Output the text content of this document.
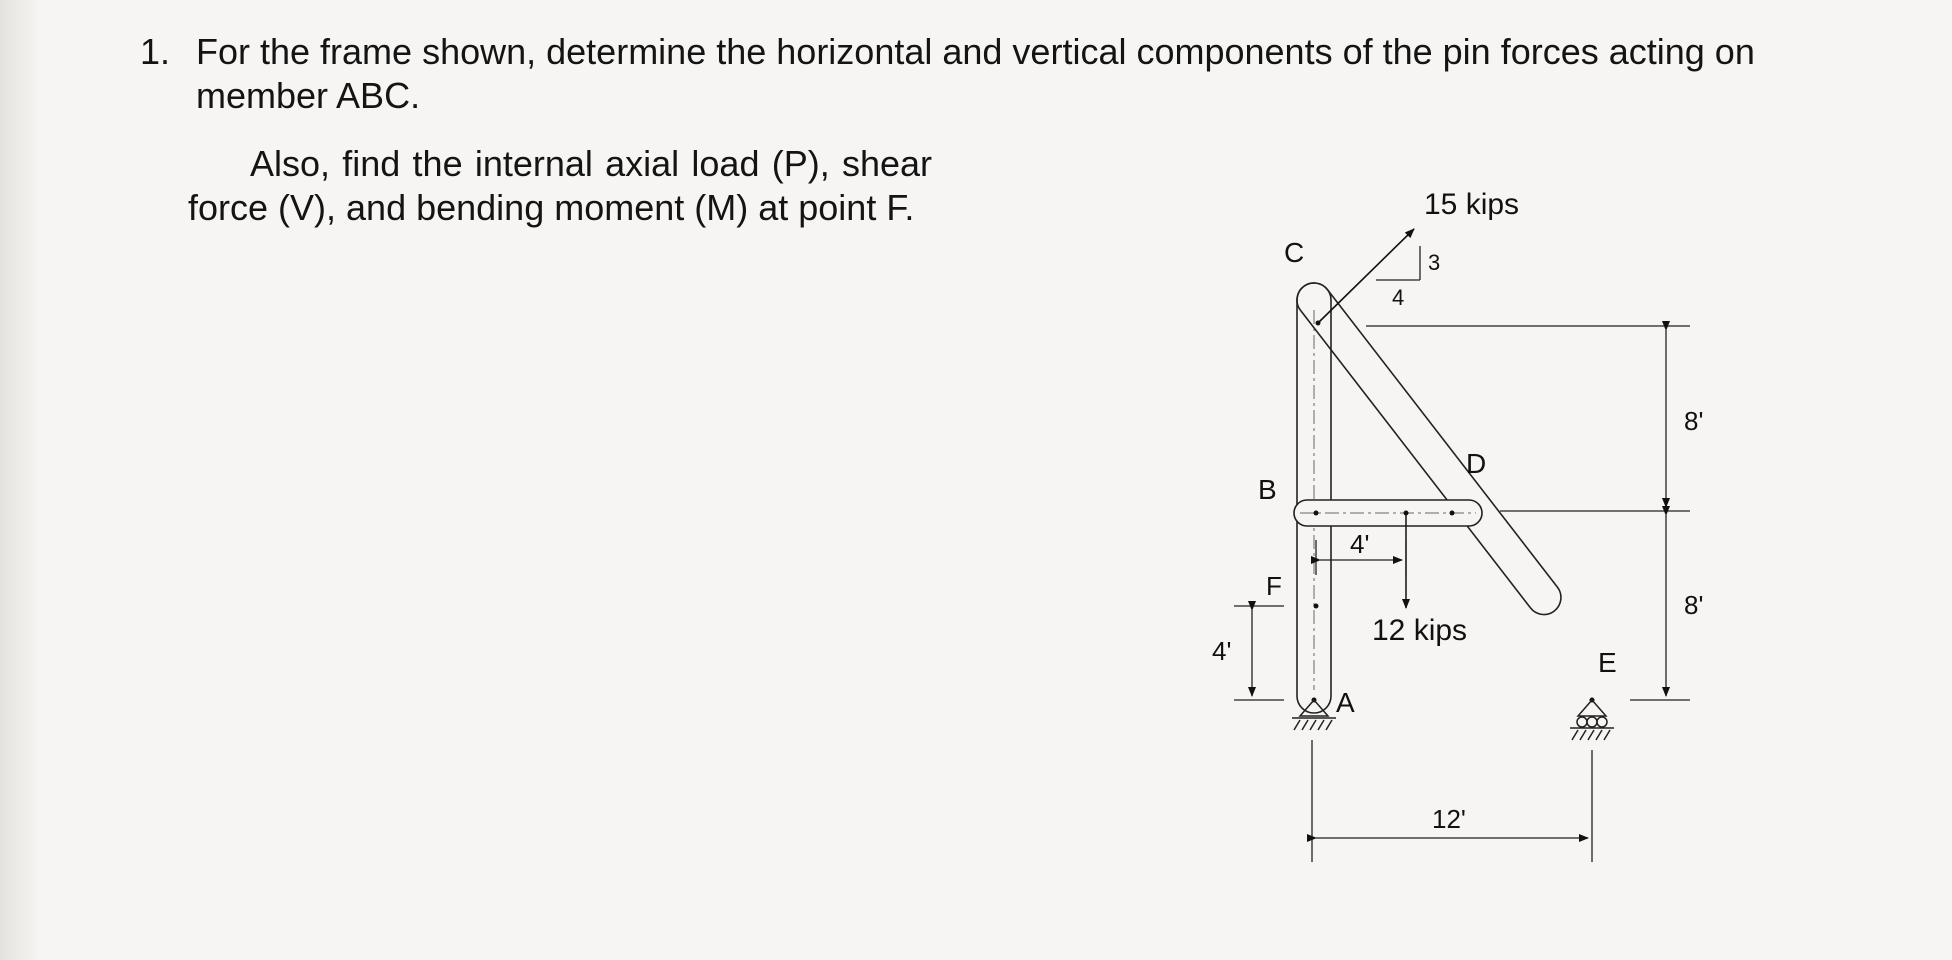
1. For the frame shown, determine the horizontal and vertical components of the pin forces acting on member ABC.
Also, find the internal axial load (P), shear force (V), and bending moment (M) at point F.
3
4
15 kips
12 kips
C
B
D
F
A
E
4'
4'
8'
8'
12'
